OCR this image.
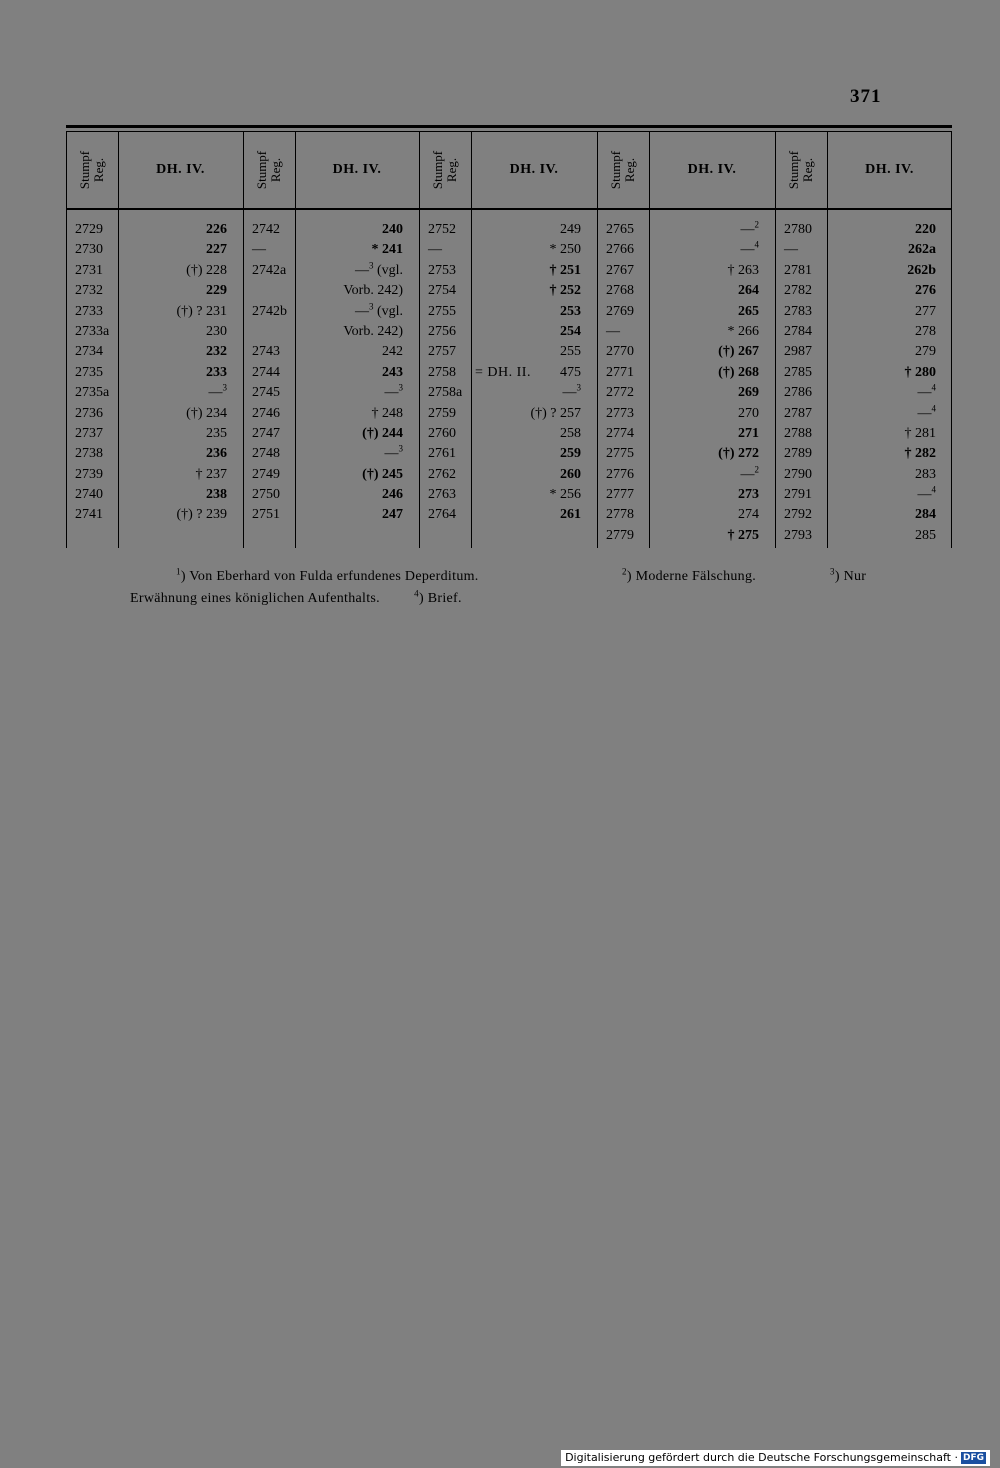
371
Stumpf Reg.	DH. IV.
2729	226
2730	227
2731	(†) 228
2732	229
2733	(†) ? 231
2733a	230
2734	232
2735	233
2735a	—$^3$
2736	(†) 234
2737	235
2738	236
2739	† 237
2740	238
2741	(†) ? 239
Stumpf Reg.	DH. IV.
2742	240
—	* 241
2742a	—$^3$ (vgl.
Vorb. 242)
2742b	—$^3$ (vgl.
Vorb. 242)
2743	242
2744	243
2745	—$^3$
2746	† 248
2747	(†) 244
2748	—$^3$
2749	(†) 245
2750	246
2751	247
Stumpf Reg.	DH. IV.
2752	249
—	* 250
2753	† 251
2754	† 252
2755	253
2756	254
2757	255
2758 = DH. II. 475
2758a	—$^3$
2759	(†) ? 257
2760	258
2761	259
2762	260
2763	* 256
2764	261
Stumpf Reg.	DH. IV.
2765	—$^2$
2766	—$^4$
2767	† 263
2768	264
2769	265
—	* 266
2770	(†) 267
2771	(†) 268
2772	269
2773	270
2774	271
2775	(†) 272
2776	—$^2$
2777	273
2778	274
2779	† 275
Stumpf Reg.	DH. IV.
2780	220
—	262a
2781	262b
2782	276
2783	277
2784	278
2987	279
2785	† 280
2786	—$^4$
2787	—$^4$
2788	† 281
2789	† 282
2790	283
2791	—$^4$
2792	284
2793	285
$^1$) Von Eberhard von Fulda erfundenes Deperditum.	$^2$) Moderne Fälschung.	$^3$) Nur
Erwähnung eines königlichen Aufenthalts.	$^4$) Brief.
Digitalisierung gefördert durch die Deutsche Forschungsgemeinschaft · DFG
